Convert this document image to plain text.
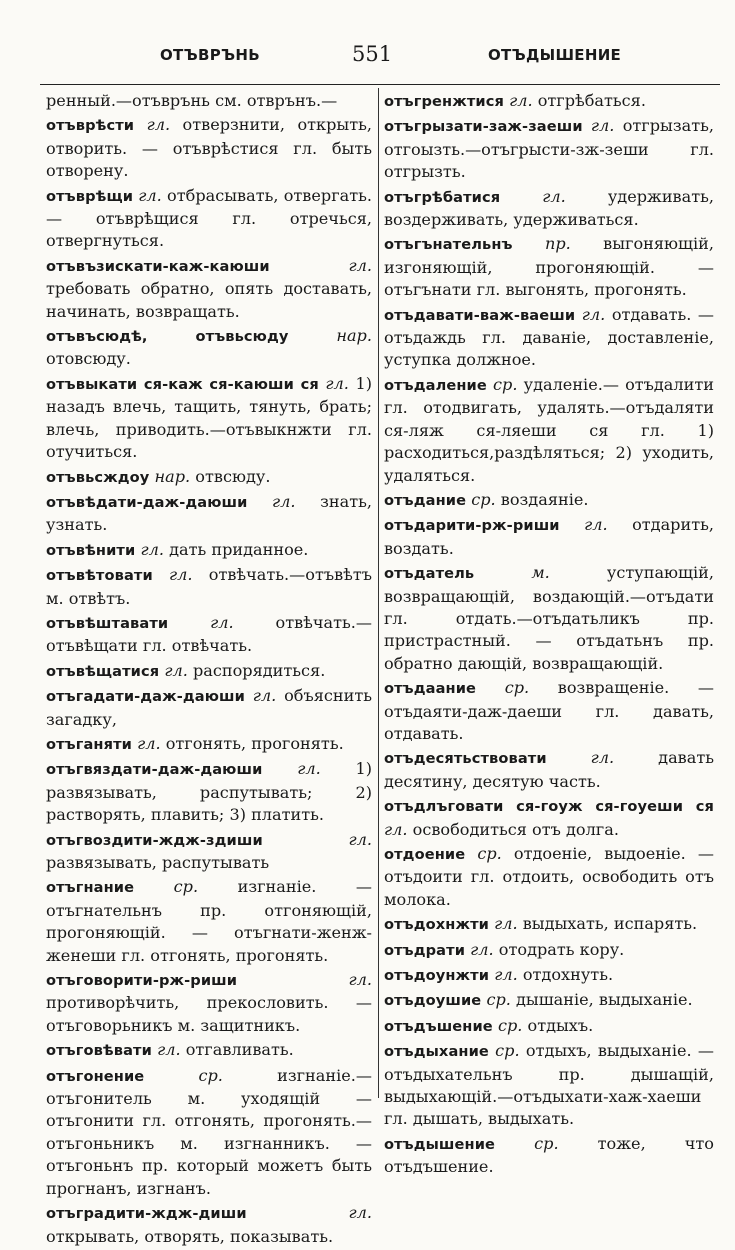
ОТЪВРЪНЬ	551	ОТЪДЫШЕНИЕ
ренный.—отъврънь см. отврънъ.—
отъврѣсти гл. отверзнити, открыть, отворить. — отъврѣстися гл. быть отворену.
отъврѣщи гл. отбрасывать, отвергать. — отъврѣщися гл. отречься, отвергнуться.
отъвъзискати-каж-каюши	гл. требовать обратно, опять доставать, начинать, возвращать.
отъвъсюдѣ, отъвьсюду	нар. отовсюду.
отъвыкати ся-каж ся-каюши ся гл. 1) назадъ влечь, тащить, тянуть, брать; влечь, приводить.—отъвыкнжти гл. отучиться.
отъвьсждоу нар. отвсюду.
отъвѣдати-даж-даюши гл. знать, узнать.
отъвѣнити гл. дать приданное.
отъвѣтовати гл. отвѣчать.—отъвѣтъ м. отвѣтъ.
отъвѣштавати	гл.	отвѣчать.—отъвѣщати гл. отвѣчать.
отъвѣщатися гл. распорядиться.
отъгадати-даж-даюши гл. объяснить загадку,
отъганяти гл. отгонять, прогонять.
отъгвяздати-даж-даюши гл. 1) развязывать, распутывать; 2) растворять, плавить; 3) платить.
отъгвоздити-ждж-здиши	гл. развязывать, распутывать
отъгнание ср. изгнаніе. — отъгнательнъ пр. отгоняющій, прогоняющій. — отъгнати-женж-женеши гл. отгонять, прогонять.
отъговорити-рж-риши	гл. противорѣчить, прекословить. — отъговорьникъ м. защитникъ.
отъговѣвати гл. отгавливать.
отъгонение	ср.	изгнаніе.—отъгонитель м. уходящій — отъгонити гл. отгонять, прогонять.—отъгоньникъ м. изгнанникъ. — отъгоньнъ пр. который можетъ быть прогнанъ, изгнанъ.
отъградити-ждж-диши	гл. открывать, отворять, показывать.
отъгренжтися гл. отгрѣбаться.
отъгрызати-заж-заеши гл. отгрызать, отгоызть.—отъгрысти-зж-зеши гл. отгрызть.
отъгрѣбатися	гл.	удерживать, воздерживать, удерживаться.
отъгънательнъ пр. выгоняющій, изгоняющій, прогоняющій. — отъгънати гл. выгонять, прогонять.
отъдавати-важ-ваеши гл. отдавать. —отъдаждь гл. даваніе, доставленіе, уступка должное.
отъдаление ср. удаленіе.— отъдалити гл. отодвигать, удалять.—отъдаляти ся-ляж ся-ляеши ся гл. 1) расходиться,раздѣляться; 2) уходить, удаляться.
отъдание ср. воздаяніе.
отъдарити-рж-риши гл. отдарить, воздать.
отъдатель	м.	уступающій, возвращающій, воздающій.—отъдати гл. отдать.—отъдатьликъ пр. пристрастный. — отъдатьнъ пр. обратно дающій, возвращающій.
отъдаание ср. возвращеніе. — отъдаяти-даж-даеши гл. давать, отдавать.
отъдесятьствовати	гл.	давать десятину, десятую часть.
отъдлъговати ся-гоуж ся-гоуеши ся гл. освободиться отъ долга.
отдоение ср. отдоеніе, выдоеніе. — отъдоити гл. отдоить, освободить отъ молока.
отъдохнжти гл. выдыхать, испарять.
отъдрати гл. отодрать кору.
отъдоунжти гл. отдохнуть.
отъдоушие ср. дышаніе, выдыханіе.
отъдъшение ср. отдыхъ.
отъдыхание ср. отдыхъ, выдыханіе. —отъдыхательнъ пр. дышащій, выдыхающій.—отъдыхати-хаж-хаеши гл. дышать, выдыхать.
отъдышение ср. тоже, что отъдъшение.
